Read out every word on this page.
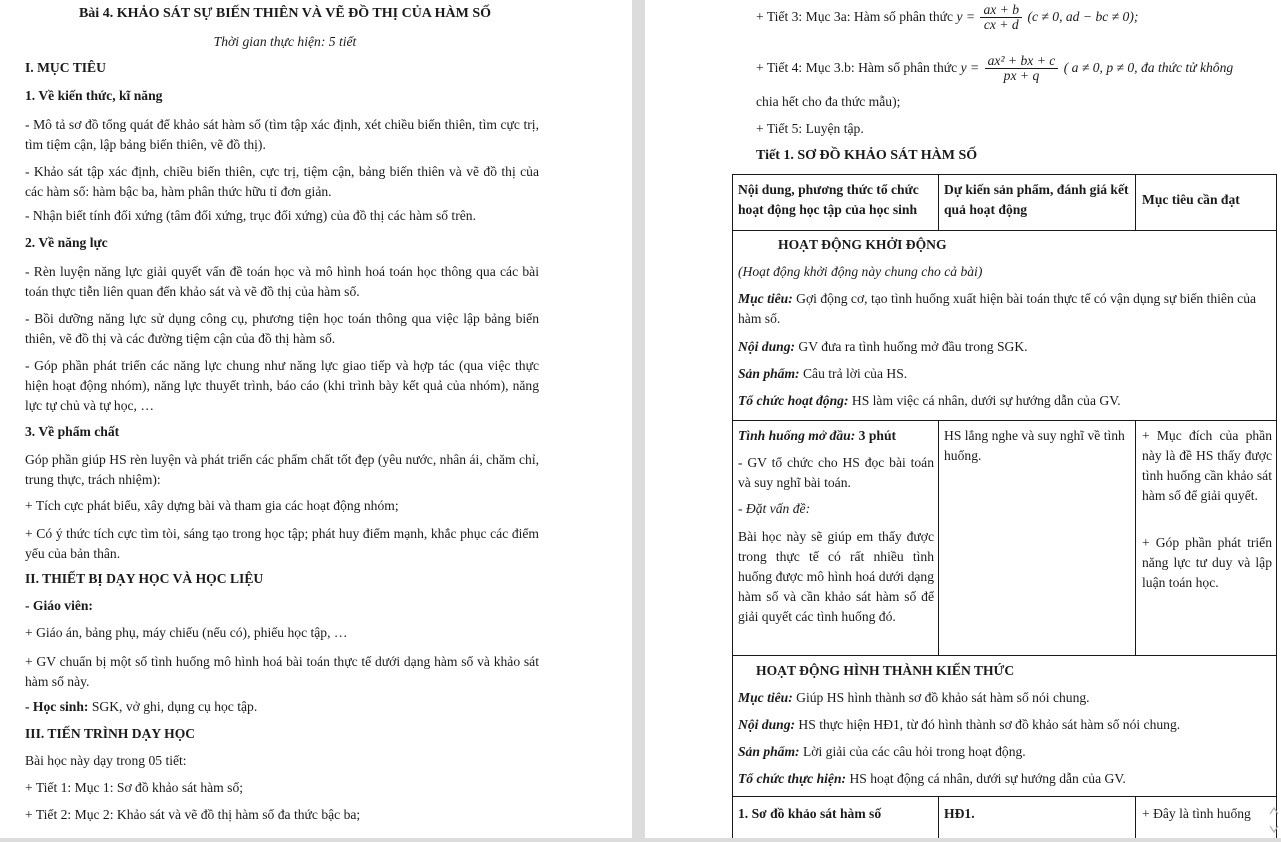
Bài 4. KHẢO SÁT SỰ BIẾN THIÊN VÀ VẼ ĐỒ THỊ CỦA HÀM SỐ
Thời gian thực hiện: 5 tiết
I. MỤC TIÊU
1. Về kiến thức, kĩ năng
- Mô tả sơ đồ tổng quát để khảo sát hàm số (tìm tập xác định, xét chiều biến thiên, tìm cực trị, tìm tiệm cận, lập bảng biến thiên, vẽ đồ thị).
- Khảo sát tập xác định, chiều biến thiên, cực trị, tiệm cận, bảng biến thiên và vẽ đồ thị của các hàm số: hàm bậc ba, hàm phân thức hữu tỉ đơn giản.
- Nhận biết tính đối xứng (tâm đối xứng, trục đối xứng) của đồ thị các hàm số trên.
2. Về năng lực
- Rèn luyện năng lực giải quyết vấn đề toán học và mô hình hoá toán học thông qua các bài toán thực tiễn liên quan đến khảo sát và vẽ đồ thị của hàm số.
- Bồi dưỡng năng lực sử dụng công cụ, phương tiện học toán thông qua việc lập bảng biến thiên, vẽ đồ thị và các đường tiệm cận của đồ thị hàm số.
- Góp phần phát triển các năng lực chung như năng lực giao tiếp và hợp tác (qua việc thực hiện hoạt động nhóm), năng lực thuyết trình, báo cáo (khi trình bày kết quả của nhóm), năng lực tự chủ và tự học, …
3. Về phẩm chất
Góp phần giúp HS rèn luyện và phát triển các phẩm chất tốt đẹp (yêu nước, nhân ái, chăm chỉ, trung thực, trách nhiệm):
+ Tích cực phát biểu, xây dựng bài và tham gia các hoạt động nhóm;
+ Có ý thức tích cực tìm tòi, sáng tạo trong học tập; phát huy điểm mạnh, khắc phục các điểm yếu của bản thân.
II. THIẾT BỊ DẠY HỌC VÀ HỌC LIỆU
- Giáo viên:
+ Giáo án, bảng phụ, máy chiếu (nếu có), phiếu học tập, …
+ GV chuẩn bị một số tình huống mô hình hoá bài toán thực tế dưới dạng hàm số và khảo sát hàm số này.
- Học sinh: SGK, vở ghi, dụng cụ học tập.
III. TIẾN TRÌNH DẠY HỌC
Bài học này dạy trong 05 tiết:
+ Tiết 1: Mục 1: Sơ đồ khảo sát hàm số;
+ Tiết 2: Mục 2: Khảo sát và vẽ đồ thị hàm số đa thức bậc ba;
+ Tiết 3: Mục 3a: Hàm số phân thức $y = \frac{ax + b}{cx + d} (c \ne 0$, ad − bc ≠ 0);
+ Tiết 4: Mục 3.b: Hàm số phân thức $y = \frac{\text{ax² + bx + c}}{px + q}$ ( a ≠ 0, p ≠ 0, đa thức tử không
chia hết cho đa thức mẫu);
+ Tiết 5: Luyện tập.
Tiết 1. SƠ ĐỒ KHẢO SÁT HÀM SỐ
Nội dung, phương thức tổ chức hoạt động học tập của học sinh
Dự kiến sản phẩm, đánh giá kết quả hoạt động
Mục tiêu cần đạt
HOẠT ĐỘNG KHỞI ĐỘNG
(Hoạt động khởi động này chung cho cả bài)
Mục tiêu: Gợi động cơ, tạo tình huống xuất hiện bài toán thực tế có vận dụng sự biến thiên của hàm số.
Nội dung: GV đưa ra tình huống mở đầu trong SGK.
Sản phẩm: Câu trả lời của HS.
Tổ chức hoạt động: HS làm việc cá nhân, dưới sự hướng dẫn của GV.
Tình huống mở đầu: 3 phút
- GV tổ chức cho HS đọc bài toán và suy nghĩ bài toán.
- Đặt vấn đề:
Bài học này sẽ giúp em thấy được trong thực tế có rất nhiều tình huống được mô hình hoá dưới dạng hàm số và cần khảo sát hàm số để giải quyết các tình huống đó.
HS lắng nghe và suy nghĩ về tình huống.
+ Mục đích của phần này là đề HS thấy được tình huống cần khảo sát hàm số để giải quyết.
+ Góp phần phát triển năng lực tư duy và lập luận toán học.
HOẠT ĐỘNG HÌNH THÀNH KIẾN THỨC
Mục tiêu: Giúp HS hình thành sơ đồ khảo sát hàm số nói chung.
Nội dung: HS thực hiện HĐ1, từ đó hình thành sơ đồ khảo sát hàm số nói chung.
Sản phẩm: Lời giải của các câu hỏi trong hoạt động.
Tổ chức thực hiện: HS hoạt động cá nhân, dưới sự hướng dẫn của GV.
1. Sơ đồ khảo sát hàm số	HĐ1.	+ Đây là tình huống
